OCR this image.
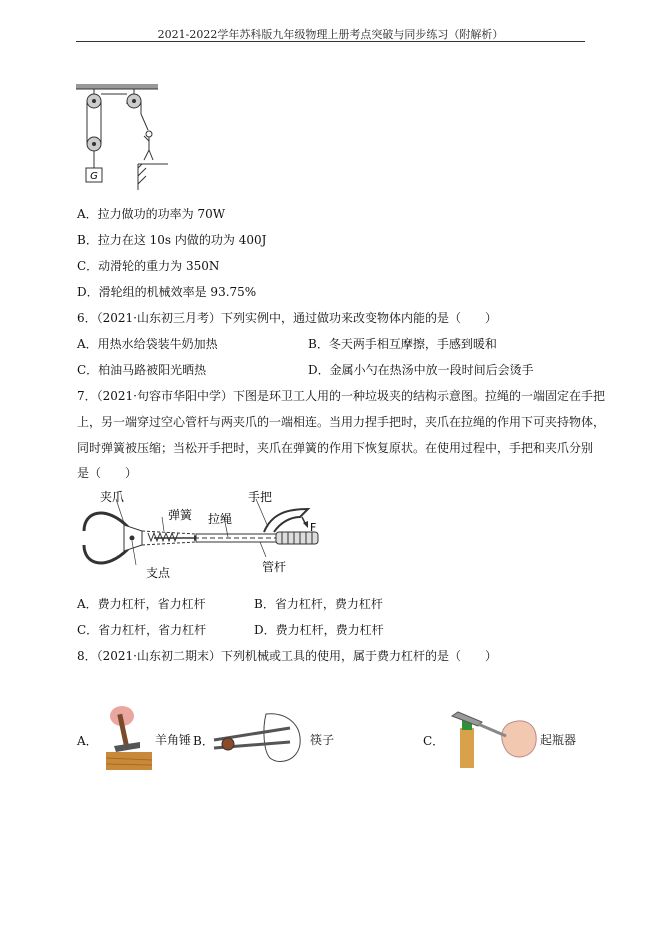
2021-2022学年苏科版九年级物理上册考点突破与同步练习（附解析）
G
A．拉力做功的功率为 70W
B．拉力在这 10s 内做的功为 400J
C．动滑轮的重力为 350N
D．滑轮组的机械效率是 93.75%
6．（2021·山东初三月考）下列实例中，通过做功来改变物体内能的是（　　）
A．用热水给袋装牛奶加热	B．冬天两手相互摩擦，手感到暖和
C．柏油马路被阳光晒热	D．金属小勺在热汤中放一段时间后会烫手
7．（2021·句容市华阳中学）下图是环卫工人用的一种垃圾夹的结构示意图。拉绳的一端固定在手把
上，另一端穿过空心管杆与两夹爪的一端相连。当用力捏手把时，夹爪在拉绳的作用下可夹持物体，
同时弹簧被压缩；当松开手把时，夹爪在弹簧的作用下恢复原状。在使用过程中，手把和夹爪分别
是（　　）
夹爪
弹簧 拉绳
手把
F
支点	管杆
A．费力杠杆，省力杠杆	B．省力杠杆，费力杠杆
C．省力杠杆，省力杠杆	D．费力杠杆，费力杠杆
8．（2021·山东初二期末）下列机械或工具的使用，属于费力杠杆的是（　　）
A．	羊角锤 B．	筷子	C．	起瓶器
